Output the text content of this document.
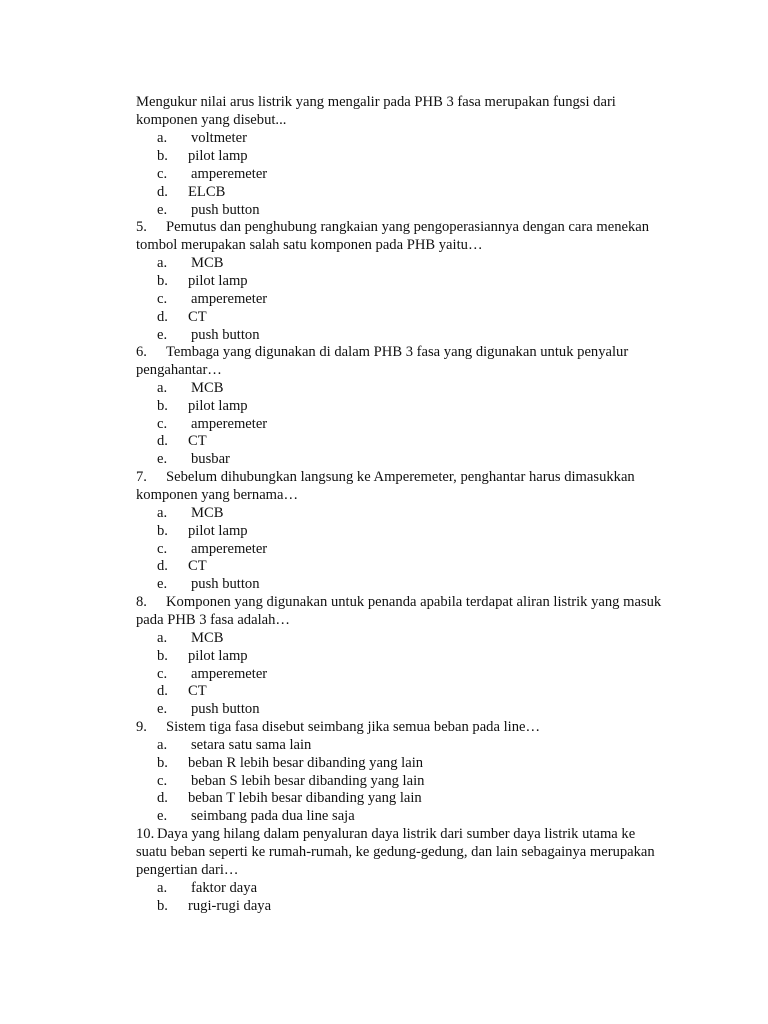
Mengukur nilai arus listrik yang mengalir pada PHB 3 fasa merupakan fungsi dari
komponen yang disebut...
a. voltmeter
b. pilot lamp
c. amperemeter
d. ELCB
e. push button
5. Pemutus dan penghubung rangkaian yang pengoperasiannya dengan cara menekan
tombol merupakan salah satu komponen pada PHB yaitu…
a. MCB
b. pilot lamp
c. amperemeter
d. CT
e. push button
6. Tembaga yang digunakan di dalam PHB 3 fasa yang digunakan untuk penyalur
pengahantar…
a. MCB
b. pilot lamp
c. amperemeter
d. CT
e. busbar
7. Sebelum dihubungkan langsung ke Amperemeter, penghantar harus dimasukkan
komponen yang bernama…
a. MCB
b. pilot lamp
c. amperemeter
d. CT
e. push button
8. Komponen yang digunakan untuk penanda apabila terdapat aliran listrik yang masuk
pada PHB 3 fasa adalah…
a. MCB
b. pilot lamp
c. amperemeter
d. CT
e. push button
9. Sistem tiga fasa disebut seimbang jika semua beban pada line…
a. setara satu sama lain
b. beban R lebih besar dibanding yang lain
c. beban S lebih besar dibanding yang lain
d. beban T lebih besar dibanding yang lain
e. seimbang pada dua line saja
10. Daya yang hilang dalam penyaluran daya listrik dari sumber daya listrik utama ke
suatu beban seperti ke rumah-rumah, ke gedung-gedung, dan lain sebagainya merupakan
pengertian dari…
a. faktor daya
b. rugi-rugi daya
